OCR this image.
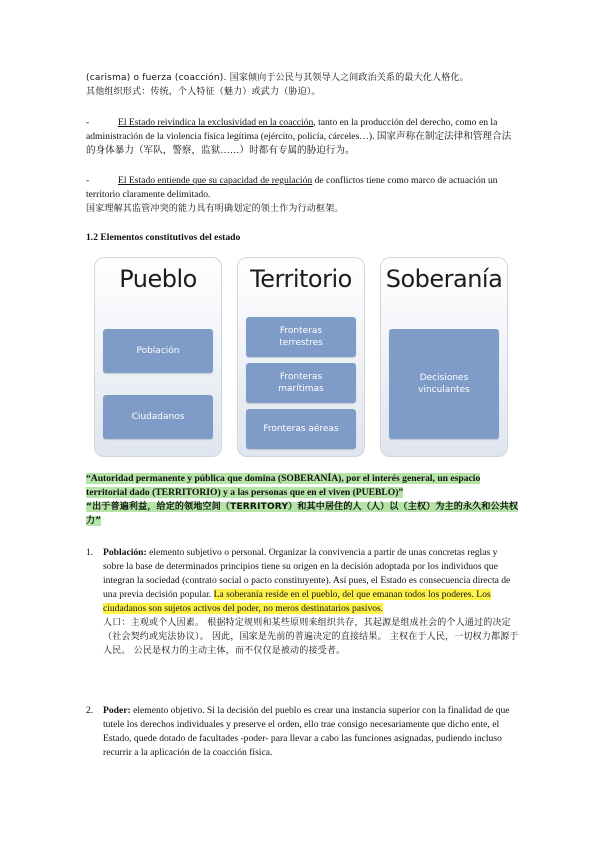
(carisma) o fuerza (coacción). 国家倾向于公民与其领导人之间政治关系的最大化人格化。
其他组织形式：传统，个人特征（魅力）或武力（胁迫）。

-	El Estado reivindica la exclusividad en la coacción, tanto en la producción del derecho, como en la administración de la violencia física legítima (ejército, policía, cárceles…). 国家声称在制定法律和管理合法的身体暴力（军队，警察，监狱……）时都有专属的胁迫行为。

-	El Estado entiende que su capacidad de regulación de conflictos tiene como marco de actuación un territorio claramente delimitado.
国家理解其监管冲突的能力具有明确划定的领土作为行动框架。

1.2 Elementos constitutivos del estado
Pueblo
Población
Ciudadanos
Territorio
Fronteras terrestres
Fronteras marítimas
Fronteras aéreas
Soberanía
Decisiones vinculantes

“Autoridad permanente y pública que domina (SOBERANÍA), por el interés general, un espacio territorial dado (TERRITORIO) y a las personas que en el viven (PUEBLO)”
“出于普遍利益，给定的领地空间（TERRITORY）和其中居住的人（人）以（主权）为主的永久和公共权力”

1. Población: elemento subjetivo o personal. Organizar la convivencia a partir de unas concretas reglas y sobre la base de determinados principios tiene su origen en la decisión adoptada por los individuos que integran la sociedad (contrato social o pacto constituyente). Así pues, el Estado es consecuencia directa de una previa decisión popular. La soberanía reside en el pueblo, del que emanan todos los poderes. Los ciudadanos son sujetos activos del poder, no meros destinatarios pasivos.
人口：主观或个人因素。 根据特定规则和某些原则来组织共存，其起源是组成社会的个人通过的决定（社会契约或宪法协议）。 因此，国家是先前的普遍决定的直接结果。 主权在于人民，一切权力都源于人民。 公民是权力的主动主体，而不仅仅是被动的接受者。
2. Poder: elemento objetivo. Si la decisión del pueblo es crear una instancia superior con la finalidad de que tutele los derechos individuales y preserve el orden, ello trae consigo necesariamente que dicho ente, el Estado, quede dotado de facultades -poder- para llevar a cabo las funciones asignadas, pudiendo incluso recurrir a la aplicación de la coacción física.
